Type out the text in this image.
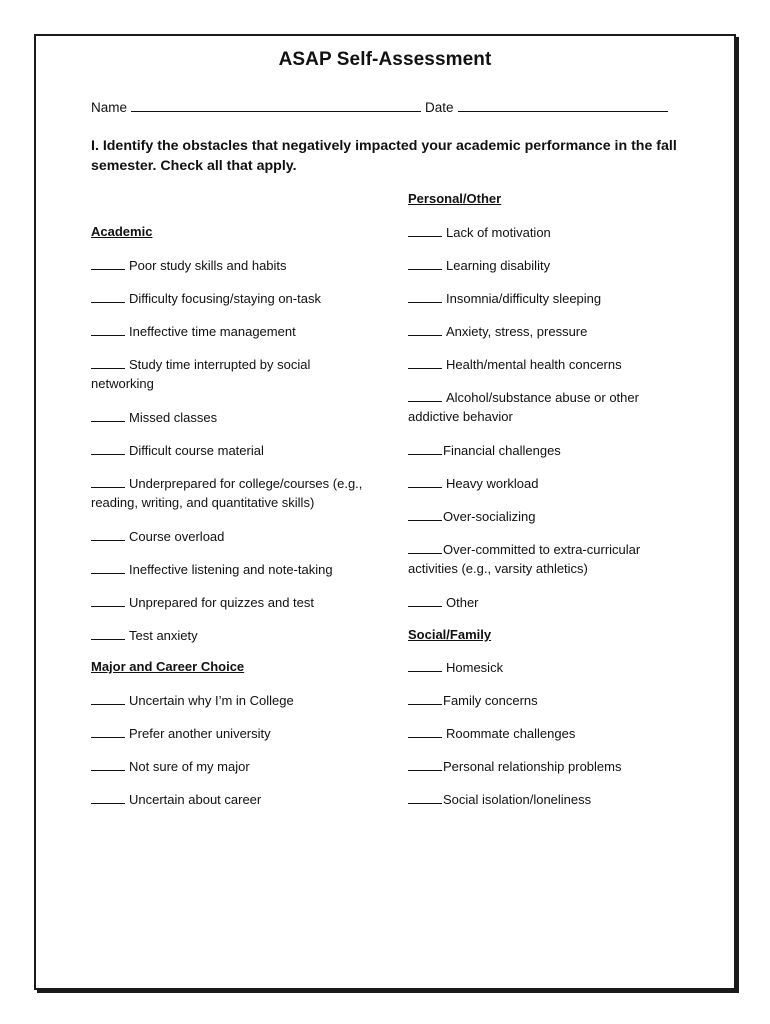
ASAP Self-Assessment
Name	Date
I. Identify the obstacles that negatively impacted your academic performance in the fall
semester. Check all that apply.
Academic
Poor study skills and habits
Difficulty focusing/staying on-task
Ineffective time management
Study time interrupted by social
networking
Missed classes
Difficult course material
Underprepared for college/courses (e.g.,
reading, writing, and quantitative skills)
Course overload
Ineffective listening and note-taking
Unprepared for quizzes and test
Test anxiety
Major and Career Choice
Uncertain why I’m in College
Prefer another university
Not sure of my major
Uncertain about career
Personal/Other
Lack of motivation
Learning disability
Insomnia/difficulty sleeping
Anxiety, stress, pressure
Health/mental health concerns
Alcohol/substance abuse or other
addictive behavior
Financial challenges
Heavy workload
Over-socializing
Over-committed to extra-curricular
activities (e.g., varsity athletics)
Other
Social/Family
Homesick
Family concerns
Roommate challenges
Personal relationship problems
Social isolation/loneliness
